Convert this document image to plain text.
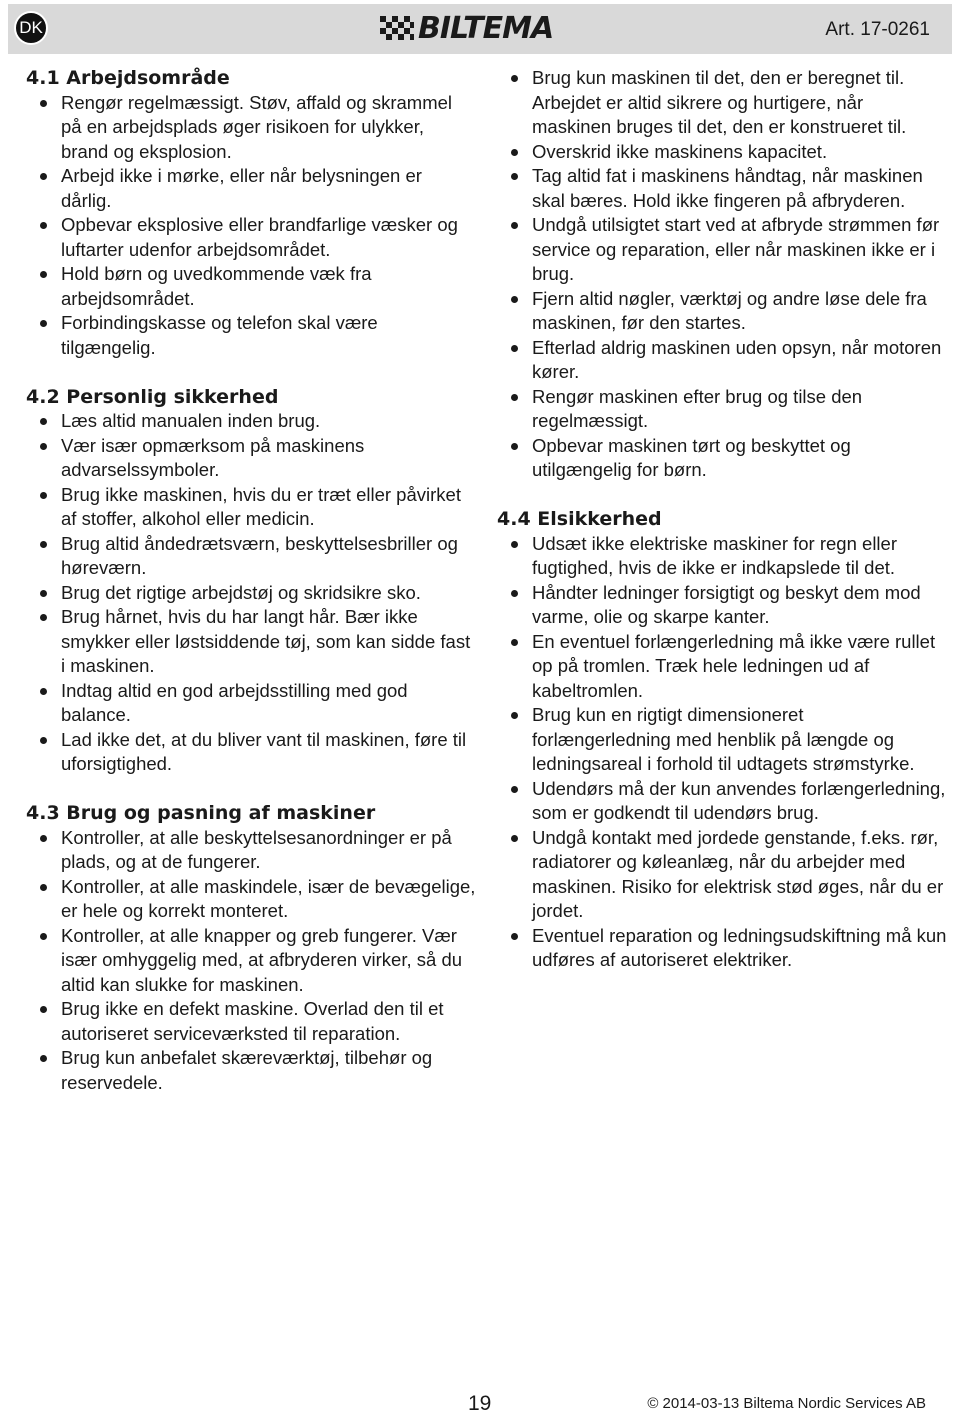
DK	BILTEMA	Art. 17-0261
4.1 Arbejdsområde
Rengør regelmæssigt. Støv, affald og skrammel på en arbejdsplads øger risikoen for ulykker, brand og eksplosion.
Arbejd ikke i mørke, eller når belysningen er dårlig.
Opbevar eksplosive eller brandfarlige væsker og luftarter udenfor arbejdsområdet.
Hold børn og uvedkommende væk fra arbejdsområdet.
Forbindingskasse og telefon skal være tilgængelig.
4.2 Personlig sikkerhed
Læs altid manualen inden brug.
Vær især opmærksom på maskinens advarselssymboler.
Brug ikke maskinen, hvis du er træt eller påvirket af stoffer, alkohol eller medicin.
Brug altid åndedrætsværn, beskyttelsesbriller og høreværn.
Brug det rigtige arbejdstøj og skridsikre sko.
Brug hårnet, hvis du har langt hår. Bær ikke smykker eller løstsiddende tøj, som kan sidde fast i maskinen.
Indtag altid en god arbejdsstilling med god balance.
Lad ikke det, at du bliver vant til maskinen, føre til uforsigtighed.
4.3 Brug og pasning af maskiner
Kontroller, at alle beskyttelsesanordninger er på plads, og at de fungerer.
Kontroller, at alle maskindele, især de bevægelige, er hele og korrekt monteret.
Kontroller, at alle knapper og greb fungerer. Vær især omhyggelig med, at afbryderen virker, så du altid kan slukke for maskinen.
Brug ikke en defekt maskine. Overlad den til et autoriseret serviceværksted til reparation.
Brug kun anbefalet skæreværktøj, tilbehør og reservedele.
Brug kun maskinen til det, den er beregnet til. Arbejdet er altid sikrere og hurtigere, når maskinen bruges til det, den er konstrueret til.
Overskrid ikke maskinens kapacitet.
Tag altid fat i maskinens håndtag, når maskinen skal bæres. Hold ikke fingeren på afbryderen.
Undgå utilsigtet start ved at afbryde strømmen før service og reparation, eller når maskinen ikke er i brug.
Fjern altid nøgler, værktøj og andre løse dele fra maskinen, før den startes.
Efterlad aldrig maskinen uden opsyn, når motoren kører.
Rengør maskinen efter brug og tilse den regelmæssigt.
Opbevar maskinen tørt og beskyttet og utilgængelig for børn.
4.4 Elsikkerhed
Udsæt ikke elektriske maskiner for regn eller fugtighed, hvis de ikke er indkapslede til det.
Håndter ledninger forsigtigt og beskyt dem mod varme, olie og skarpe kanter.
En eventuel forlængerledning må ikke være rullet op på tromlen. Træk hele ledningen ud af kabeltromlen.
Brug kun en rigtigt dimensioneret forlængerledning med henblik på længde og ledningsareal i forhold til udtagets strømstyrke.
Udendørs må der kun anvendes forlængerledning, som er godkendt til udendørs brug.
Undgå kontakt med jordede genstande, f.eks. rør, radiatorer og køleanlæg, når du arbejder med maskinen. Risiko for elektrisk stød øges, når du er jordet.
Eventuel reparation og ledningsudskiftning må kun udføres af autoriseret elektriker.
19	© 2014-03-13 Biltema Nordic Services AB
